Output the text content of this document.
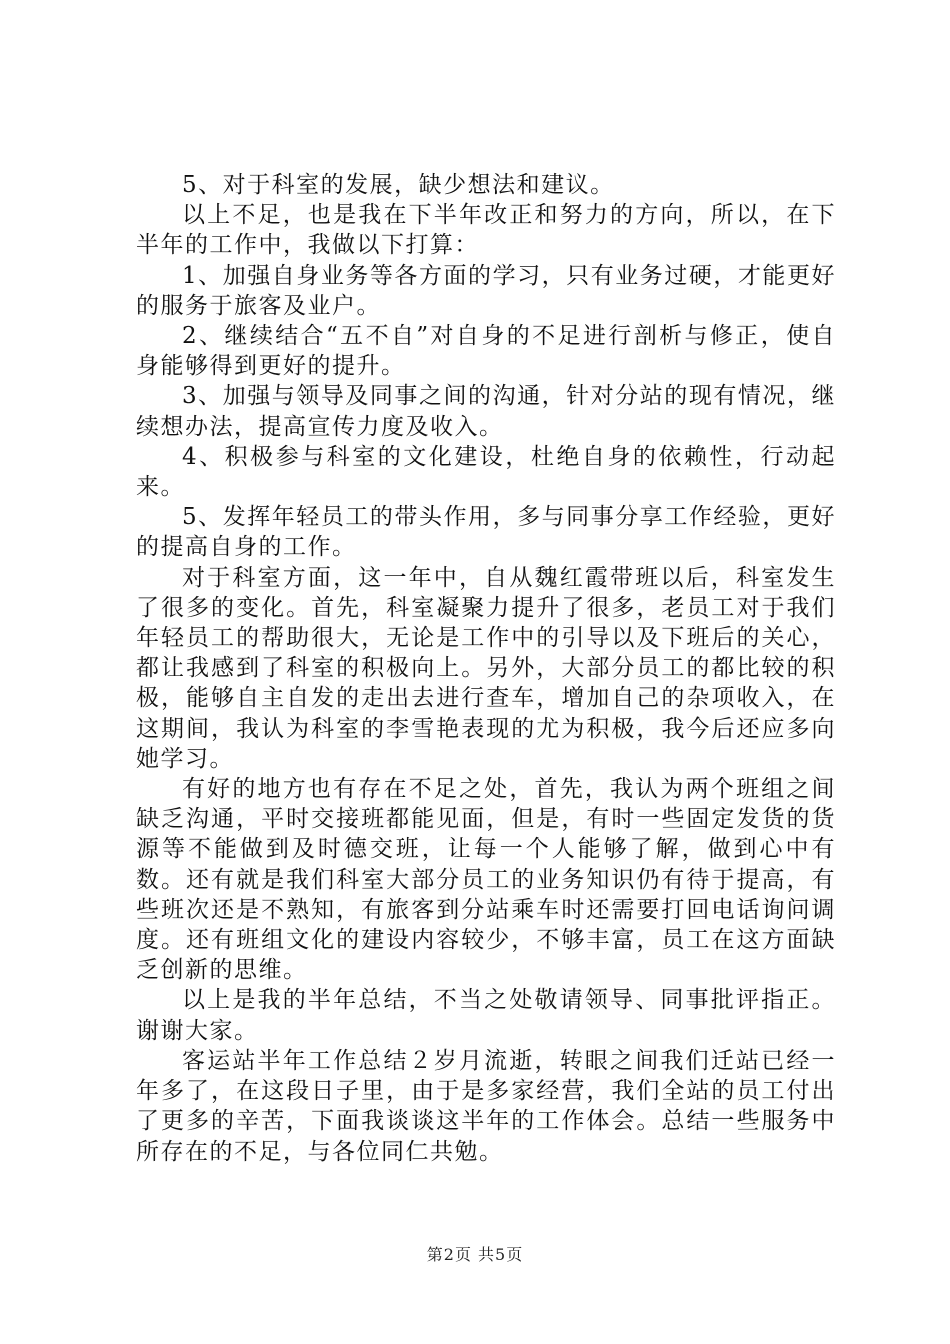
5、对于科室的发展，缺少想法和建议。

以上不足，也是我在下半年改正和努力的方向，所以，在下半年的工作中，我做以下打算：

1、加强自身业务等各方面的学习，只有业务过硬，才能更好的服务于旅客及业户。

2、继续结合“五不自”对自身的不足进行剖析与修正，使自身能够得到更好的提升。

3、加强与领导及同事之间的沟通，针对分站的现有情况，继续想办法，提高宣传力度及收入。

4、积极参与科室的文化建设，杜绝自身的依赖性，行动起来。

5、发挥年轻员工的带头作用，多与同事分享工作经验，更好的提高自身的工作。

对于科室方面，这一年中，自从魏红霞带班以后，科室发生了很多的变化。首先，科室凝聚力提升了很多，老员工对于我们年轻员工的帮助很大，无论是工作中的引导以及下班后的关心，都让我感到了科室的积极向上。另外，大部分员工的都比较的积极，能够自主自发的走出去进行查车，增加自己的杂项收入，在这期间，我认为科室的李雪艳表现的尤为积极，我今后还应多向她学习。

有好的地方也有存在不足之处，首先，我认为两个班组之间缺乏沟通，平时交接班都能见面，但是，有时一些固定发货的货源等不能做到及时德交班，让每一个人能够了解，做到心中有数。还有就是我们科室大部分员工的业务知识仍有待于提高，有些班次还是不熟知，有旅客到分站乘车时还需要打回电话询问调度。还有班组文化的建设内容较少，不够丰富，员工在这方面缺乏创新的思维。

以上是我的半年总结，不当之处敬请领导、同事批评指正。谢谢大家。

客运站半年工作总结２岁月流逝，转眼之间我们迁站已经一年多了，在这段日子里，由于是多家经营，我们全站的员工付出了更多的辛苦，下面我谈谈这半年的工作体会。总结一些服务中所存在的不足，与各位同仁共勉。

第2页 共5页
